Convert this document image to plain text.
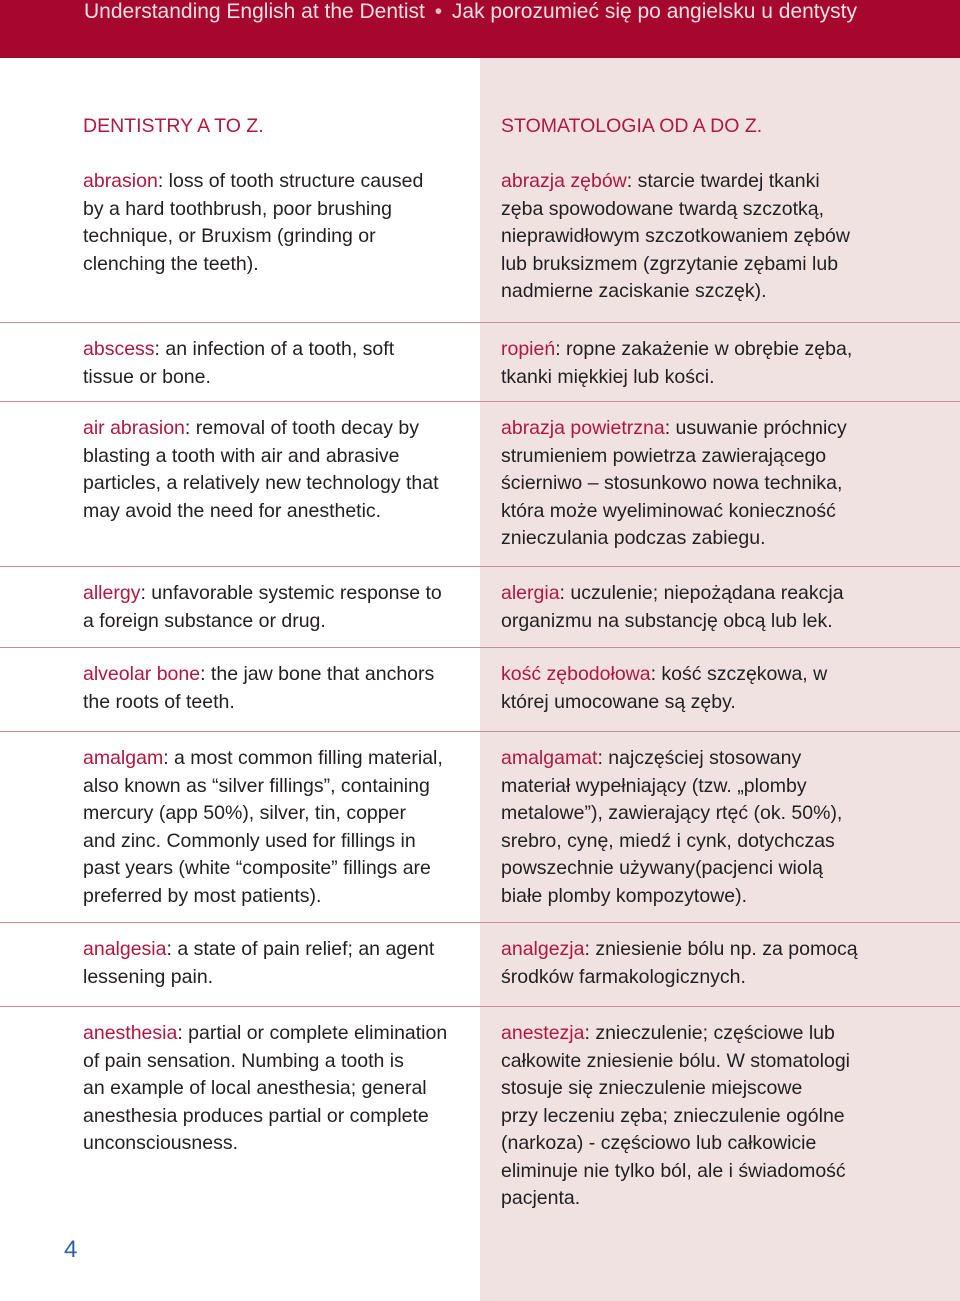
Understanding English at the Dentist • Jak porozumieć się po angielsku u dentysty
DENTISTRY A TO Z.	STOMATOLOGIA OD A DO Z.
abrasion: loss of tooth structure caused
by a hard toothbrush, poor brushing
technique, or Bruxism (grinding or
clenching the teeth).
abrazja zębów: starcie twardej tkanki
zęba spowodowane twardą szczotką,
nieprawidłowym szczotkowaniem zębów
lub bruksizmem (zgrzytanie zębami lub
nadmierne zaciskanie szczęk).
abscess: an infection of a tooth, soft
tissue or bone.
ropień: ropne zakażenie w obrębie zęba,
tkanki miękkiej lub kości.
air abrasion: removal of tooth decay by
blasting a tooth with air and abrasive
particles, a relatively new technology that
may avoid the need for anesthetic.
abrazja powietrzna: usuwanie próchnicy
strumieniem powietrza zawierającego
ścierniwo – stosunkowo nowa technika,
która może wyeliminować konieczność
znieczulania podczas zabiegu.
allergy: unfavorable systemic response to
a foreign substance or drug.
alergia: uczulenie; niepożądana reakcja
organizmu na substancję obcą lub lek.
alveolar bone: the jaw bone that anchors
the roots of teeth.
kość zębodołowa: kość szczękowa, w
której umocowane są zęby.
amalgam: a most common filling material,
also known as “silver fillings”, containing
mercury (app 50%), silver, tin, copper
and zinc. Commonly used for fillings in
past years (white “composite” fillings are
preferred by most patients).
amalgamat: najczęściej stosowany
materiał wypełniający (tzw. „plomby
metalowe”), zawierający rtęć (ok. 50%),
srebro, cynę, miedź i cynk, dotychczas
powszechnie używany(pacjenci wiolą
białe plomby kompozytowe).
analgesia: a state of pain relief; an agent
lessening pain.
analgezja: zniesienie bólu np. za pomocą
środków farmakologicznych.
anesthesia: partial or complete elimination
of pain sensation. Numbing a tooth is
an example of local anesthesia; general
anesthesia produces partial or complete
unconsciousness.
anestezja: znieczulenie; częściowe lub
całkowite zniesienie bólu. W stomatologi
stosuje się znieczulenie miejscowe
przy leczeniu zęba; znieczulenie ogólne
(narkoza) - częściowo lub całkowicie
eliminuje nie tylko ból, ale i świadomość
pacjenta.
4
